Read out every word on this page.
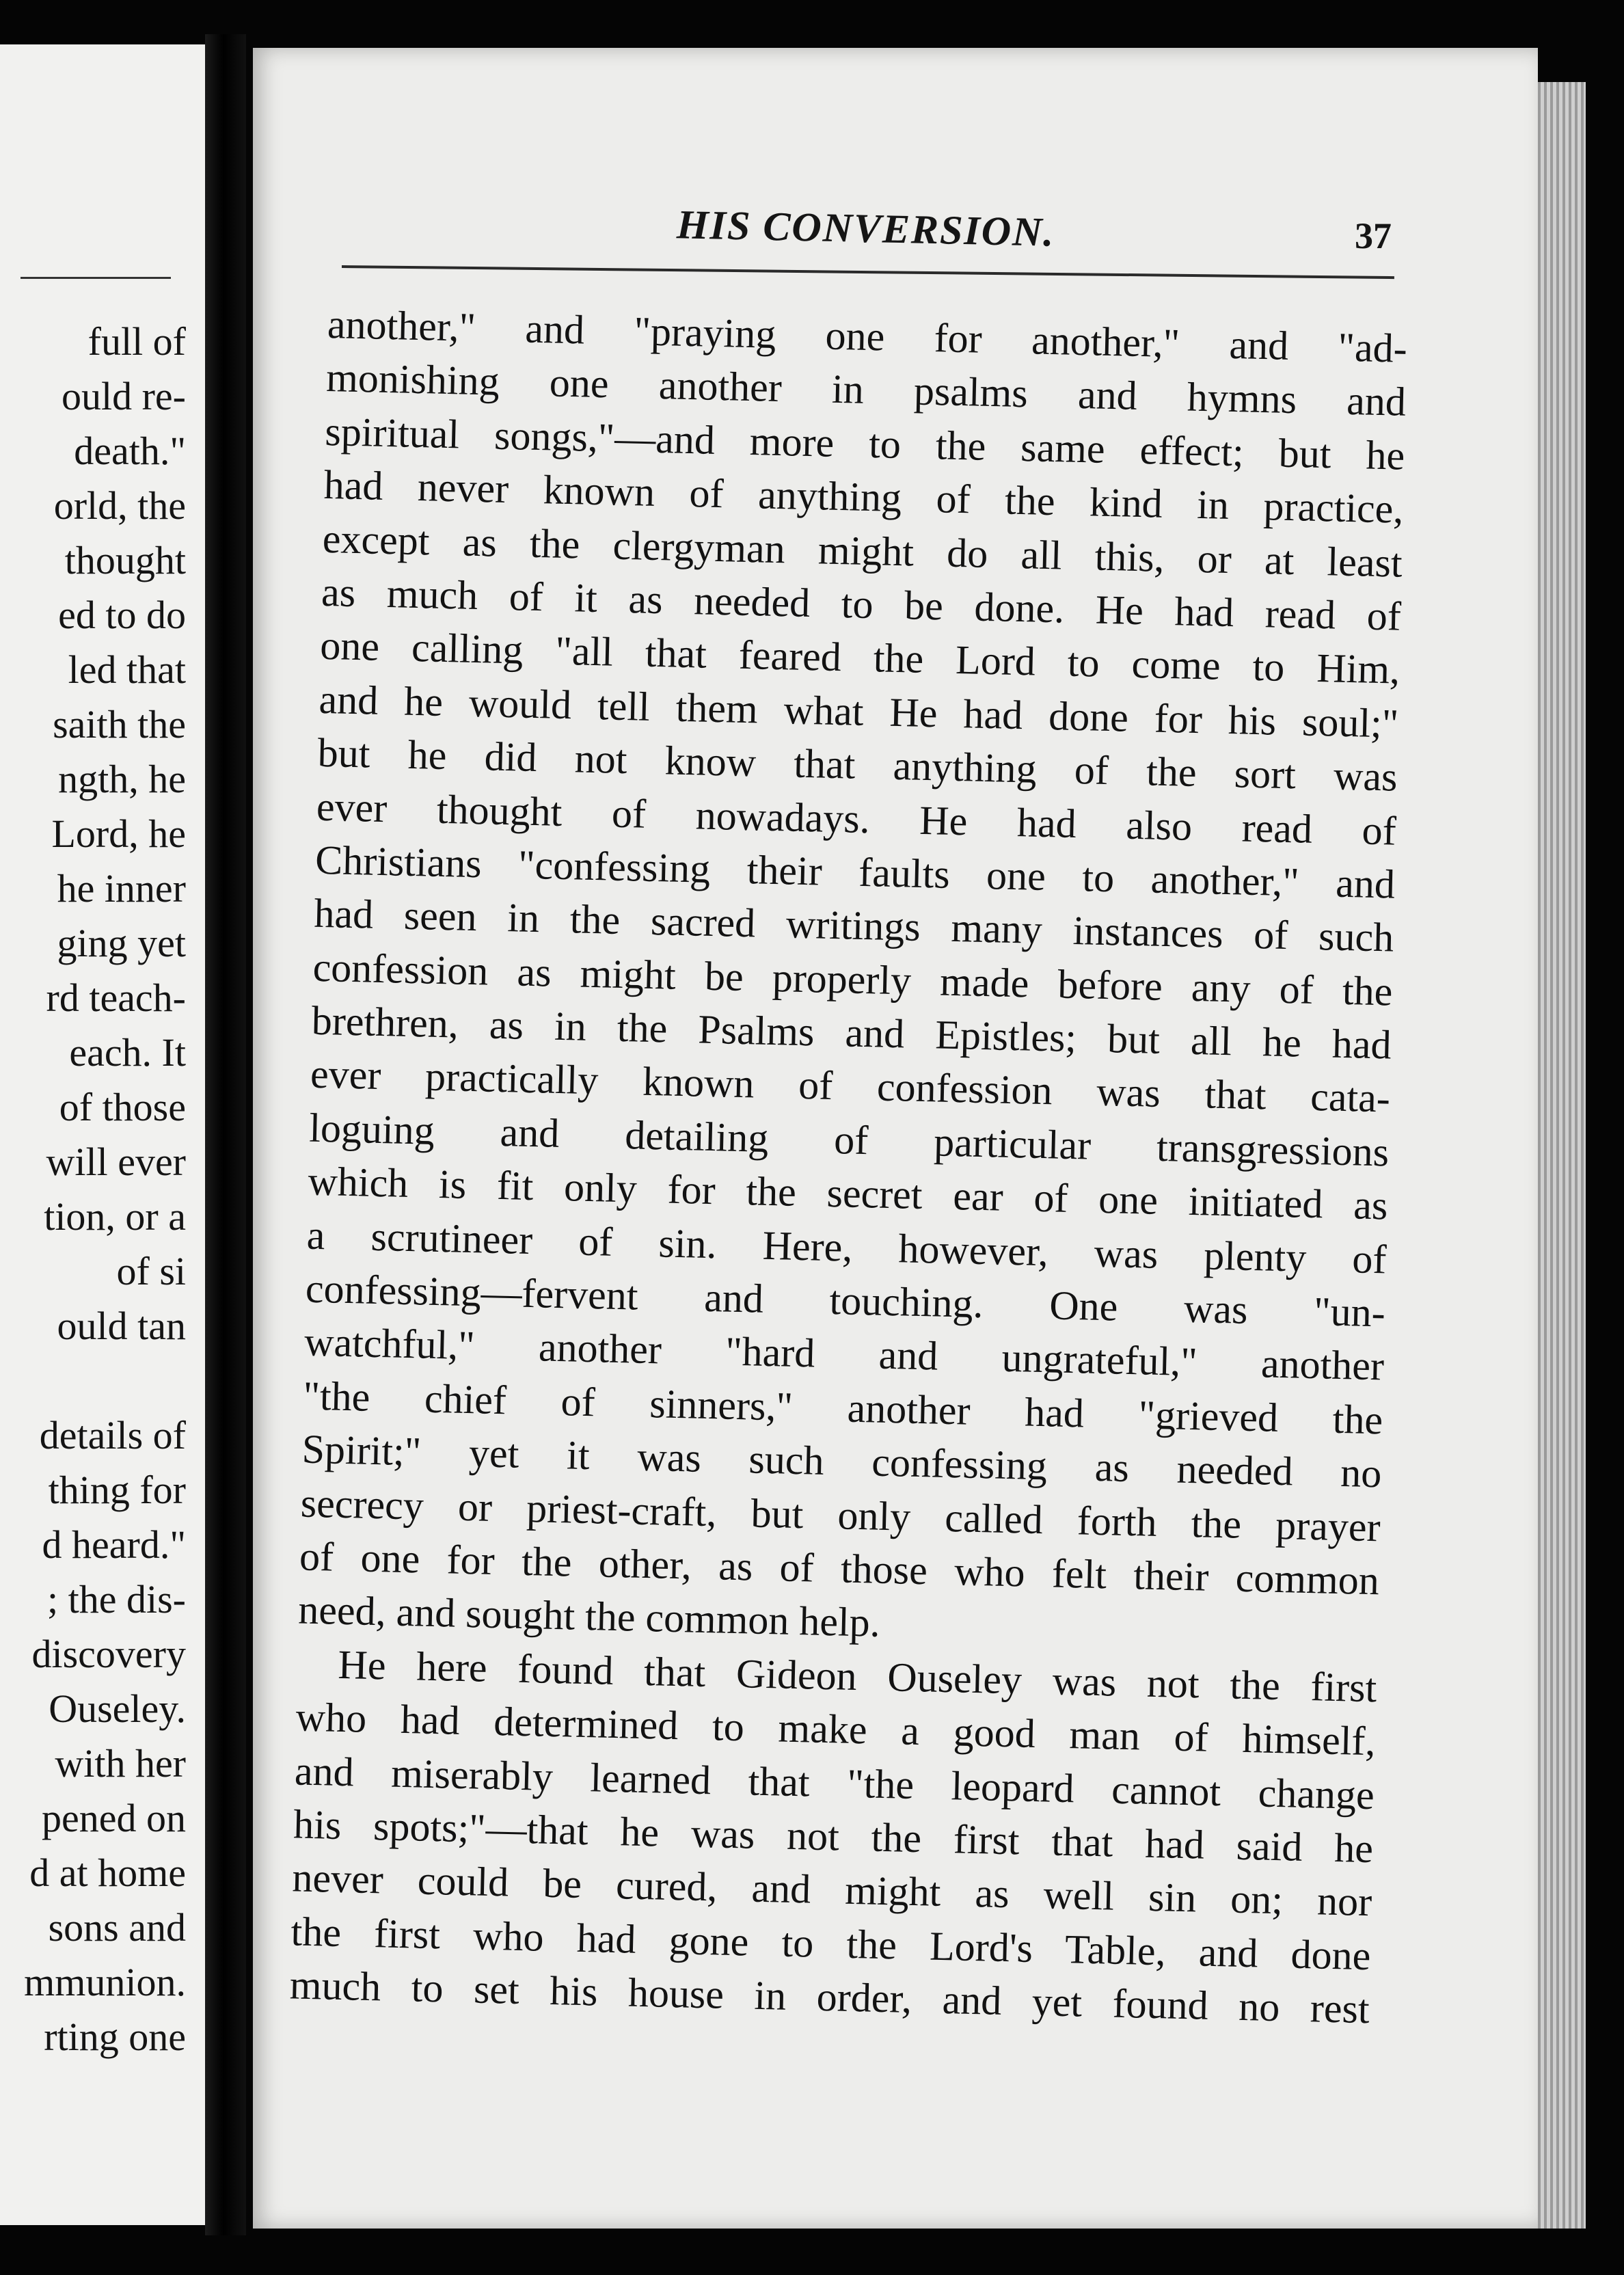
full of
ould re-
death."
orld, the
thought
ed to do
led that
saith the
ngth, he
Lord, he
he inner
ging yet
rd teach-
each. It
of those
will ever
tion, or a
of si
ould tan
details of
thing for
d heard."
; the dis-
discovery
Ouseley.
with her
pened on
d at home
sons and
mmunion.
rting one
HIS CONVERSION.	37
another," and "praying one for another," and "ad-
monishing one another in psalms and hymns and
spiritual songs,"—and more to the same effect; but he
had never known of anything of the kind in practice,
except as the clergyman might do all this, or at least
as much of it as needed to be done. He had read of
one calling "all that feared the Lord to come to Him,
and he would tell them what He had done for his soul;"
but he did not know that anything of the sort was
ever thought of nowadays. He had also read of
Christians "confessing their faults one to another," and
had seen in the sacred writings many instances of such
confession as might be properly made before any of the
brethren, as in the Psalms and Epistles; but all he had
ever practically known of confession was that cata-
loguing and detailing of particular transgressions
which is fit only for the secret ear of one initiated as
a scrutineer of sin. Here, however, was plenty of
confessing—fervent and touching. One was "un-
watchful," another "hard and ungrateful," another
"the chief of sinners," another had "grieved the
Spirit;" yet it was such confessing as needed no
secrecy or priest-craft, but only called forth the prayer
of one for the other, as of those who felt their common
need, and sought the common help.
He here found that Gideon Ouseley was not the first
who had determined to make a good man of himself,
and miserably learned that "the leopard cannot change
his spots;"—that he was not the first that had said he
never could be cured, and might as well sin on; nor
the first who had gone to the Lord's Table, and done
much to set his house in order, and yet found no rest
